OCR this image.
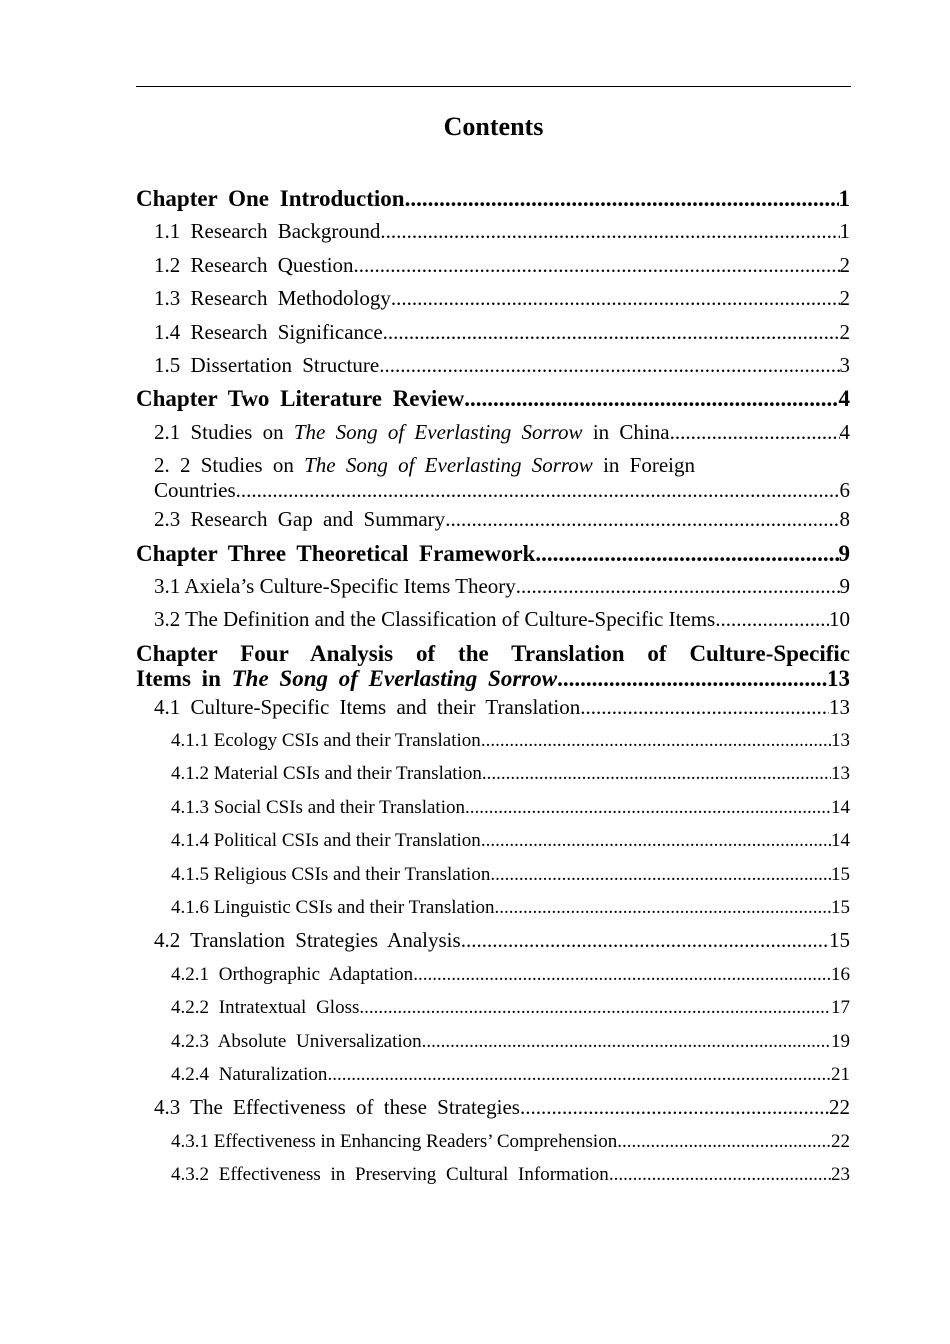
Contents
Chapter One Introduction .....	1
1.1 Research Background .....	1
1.2 Research Question .....	2
1.3 Research Methodology .....	2
1.4 Research Significance .....	2
1.5 Dissertation Structure .....	3
Chapter Two Literature Review .....	4
2.1 Studies on The Song of Everlasting Sorrow in China .....	4
2. 2 Studies on The Song of Everlasting Sorrow in Foreign
Countries .....	6
2.3 Research Gap and Summary .....	8
Chapter Three Theoretical Framework .....	9
3.1 Axiela’s Culture-Specific Items Theory .....	9
3.2 The Definition and the Classification of Culture-Specific Items .....	10
Chapter Four Analysis of the Translation of Culture-Specific
Items in The Song of Everlasting Sorrow .....	13
4.1 Culture-Specific Items and their Translation .....	13
4.1.1 Ecology CSIs and their Translation .....	13
4.1.2 Material CSIs and their Translation .....	13
4.1.3 Social CSIs and their Translation .....	14
4.1.4 Political CSIs and their Translation .....	14
4.1.5 Religious CSIs and their Translation .....	15
4.1.6 Linguistic CSIs and their Translation .....	15
4.2 Translation Strategies Analysis .....	15
4.2.1 Orthographic Adaptation .....	16
4.2.2 Intratextual Gloss .....	17
4.2.3 Absolute Universalization .....	19
4.2.4 Naturalization .....	21
4.3 The Effectiveness of these Strategies .....	22
4.3.1 Effectiveness in Enhancing Readers’ Comprehension .....	22
4.3.2 Effectiveness in Preserving Cultural Information .....	23
